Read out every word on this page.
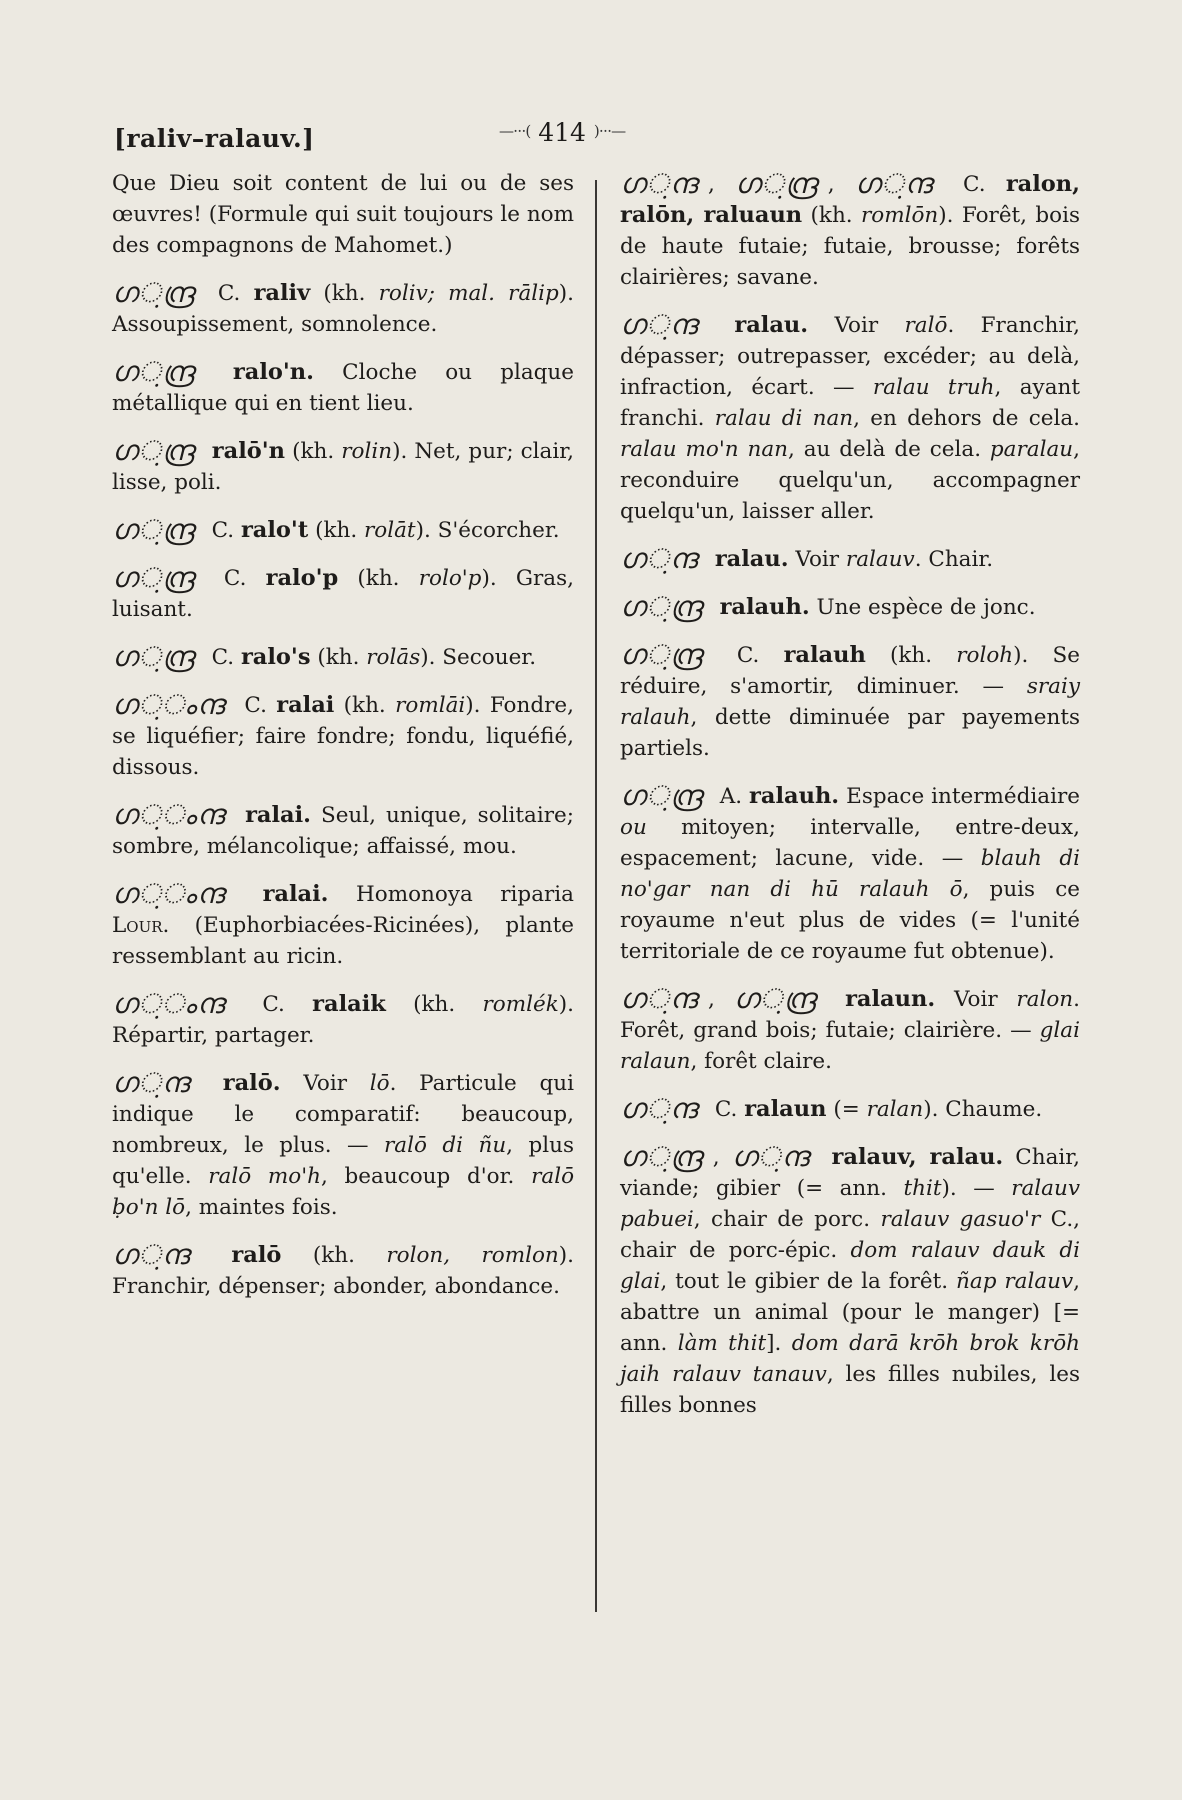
[raliv–ralauv.]	—⋅⋅⋅( 414 )⋅⋅⋅—

Que Dieu soit content de lui ou de ses œuvres! (Formule qui suit toujours le nom des compagnons de Mahomet.)

ഗ਼ന്ദ്ര C. raliv (kh. roliv; mal. rālip). Assoupissement, somnolence.

ഗ਼ന്ദ്ര ralo'n. Cloche ou plaque métallique qui en tient lieu.

ഗ਼ന്ദ്ര ralō'n (kh. rolin). Net, pur; clair, lisse, poli.

ഗ਼ന്ദ്ര C. ralo't (kh. rolāt). S'écorcher.

ഗ਼ന്ദ്ര C. ralo'p (kh. rolo'p). Gras, luisant.

ഗ਼ന്ദ്ര C. ralo's (kh. rolās). Secouer.

ഗ਼ംന്ദ C. ralai (kh. romlāi). Fondre, se liquéfier; faire fondre; fondu, liquéfié, dissous.

ഗ਼ംന്ദ ralai. Seul, unique, solitaire; sombre, mélancolique; affaissé, mou.

ഗ਼ംന്ദ ralai. Homonoya riparia Lour. (Euphorbiacées-Ricinées), plante ressemblant au ricin.

ഗ਼ംന്ദ C. ralaik (kh. romlék). Répartir, partager.

ഗ਼ന്ദ ralō. Voir lō. Particule qui indique le comparatif: beaucoup, nombreux, le plus. — ralō di ñu, plus qu'elle. ralō mo'h, beaucoup d'or. ralō ḅo'n lō, maintes fois.

ഗ਼ന്ദ ralō (kh. rolon, romlon). Franchir, dépenser; abonder, abondance.

ഗ਼ന്ദ , ഗ਼ന്ദ്ര , ഗ਼ന്ദ C. ralon, ralōn, raluaun (kh. romlōn). Forêt, bois de haute futaie; futaie, brousse; forêts clairières; savane.

ഗ਼ന്ദ ralau. Voir ralō. Franchir, dépasser; outrepasser, excéder; au delà, infraction, écart. — ralau truh, ayant franchi. ralau di nan, en dehors de cela. ralau mo'n nan, au delà de cela. paralau, reconduire quelqu'un, accompagner quelqu'un, laisser aller.

ഗ਼ന്ദ ralau. Voir ralauv. Chair.

ഗ਼ന്ദ്ര ralauh. Une espèce de jonc.

ഗ਼ന്ദ്ര C. ralauh (kh. roloh). Se réduire, s'amortir, diminuer. — sraiy ralauh, dette diminuée par payements partiels.

ഗ਼ന്ദ്ര A. ralauh. Espace intermédiaire ou mitoyen; intervalle, entre-deux, espacement; lacune, vide. — blauh di no'gar nan di hū ralauh ō, puis ce royaume n'eut plus de vides (= l'unité territoriale de ce royaume fut obtenue).

ഗ਼ന്ദ , ഗ਼ന്ദ്ര ralaun. Voir ralon. Forêt, grand bois; futaie; clairière. — glai ralaun, forêt claire.

ഗ਼ന്ദ C. ralaun (= ralan). Chaume.

ഗ਼ന്ദ്ര , ഗ਼ന്ദ ralauv, ralau. Chair, viande; gibier (= ann. thit). — ralauv pabuei, chair de porc. ralauv gasuo'r C., chair de porc-épic. dom ralauv dauk di glai, tout le gibier de la forêt. ñap ralauv, abattre un animal (pour le manger) [= ann. làm thit]. dom darā krōh brok krōh jaih ralauv tanauv, les filles nubiles, les filles bonnes
